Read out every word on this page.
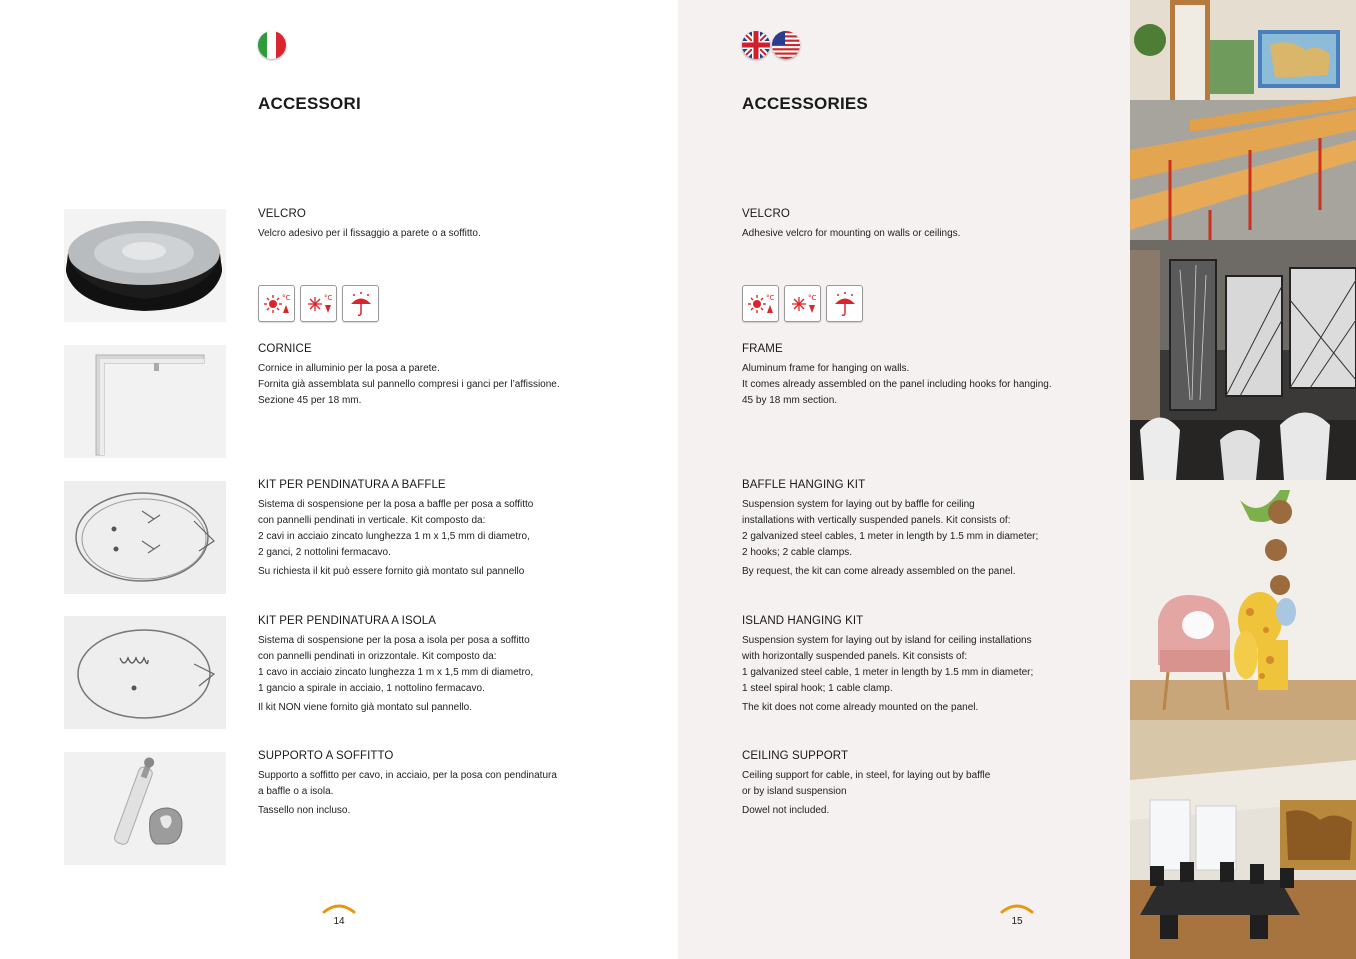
ACCESSORI	ACCESSORIES
VELCRO
Velcro adesivo per il fissaggio a parete o a soffitto.
°C	°C
CORNICE
Cornice in alluminio per la posa a parete.
Fornita già assemblata sul pannello compresi i ganci per l’affissione.
Sezione 45 per 18 mm.
KIT PER PENDINATURA A BAFFLE
Sistema di sospensione per la posa a baffle per posa a soffitto
con pannelli pendinati in verticale. Kit composto da:
2 cavi in acciaio zincato lunghezza 1 m x 1,5 mm di diametro,
2 ganci, 2 nottolini fermacavo.
Su richiesta il kit può essere fornito già montato sul pannello
KIT PER PENDINATURA A ISOLA
Sistema di sospensione per la posa a isola per posa a soffitto
con pannelli pendinati in orizzontale. Kit composto da:
1 cavo in acciaio zincato lunghezza 1 m x 1,5 mm di diametro,
1 gancio a spirale in acciaio, 1 nottolino fermacavo.
Il kit NON viene fornito già montato sul pannello.
SUPPORTO A SOFFITTO
Supporto a soffitto per cavo, in acciaio, per la posa con pendinatura
a baffle o a isola.
Tassello non incluso.
VELCRO
Adhesive velcro for mounting on walls or ceilings.
°C	°C
FRAME
Aluminum frame for hanging on walls.
It comes already assembled on the panel including hooks for hanging.
45 by 18 mm section.
BAFFLE HANGING KIT
Suspension system for laying out by baffle for ceiling
installations with vertically suspended panels. Kit consists of:
2 galvanized steel cables, 1 meter in length by 1.5 mm in diameter;
2 hooks; 2 cable clamps.
By request, the kit can come already assembled on the panel.
ISLAND HANGING KIT
Suspension system for laying out by island for ceiling installations
with horizontally suspended panels. Kit consists of:
1 galvanized steel cable, 1 meter in length by 1.5 mm in diameter;
1 steel spiral hook; 1 cable clamp.
The kit does not come already mounted on the panel.
CEILING SUPPORT
Ceiling support for cable, in steel, for laying out by baffle
or by island suspension
Dowel not included.
14	15
